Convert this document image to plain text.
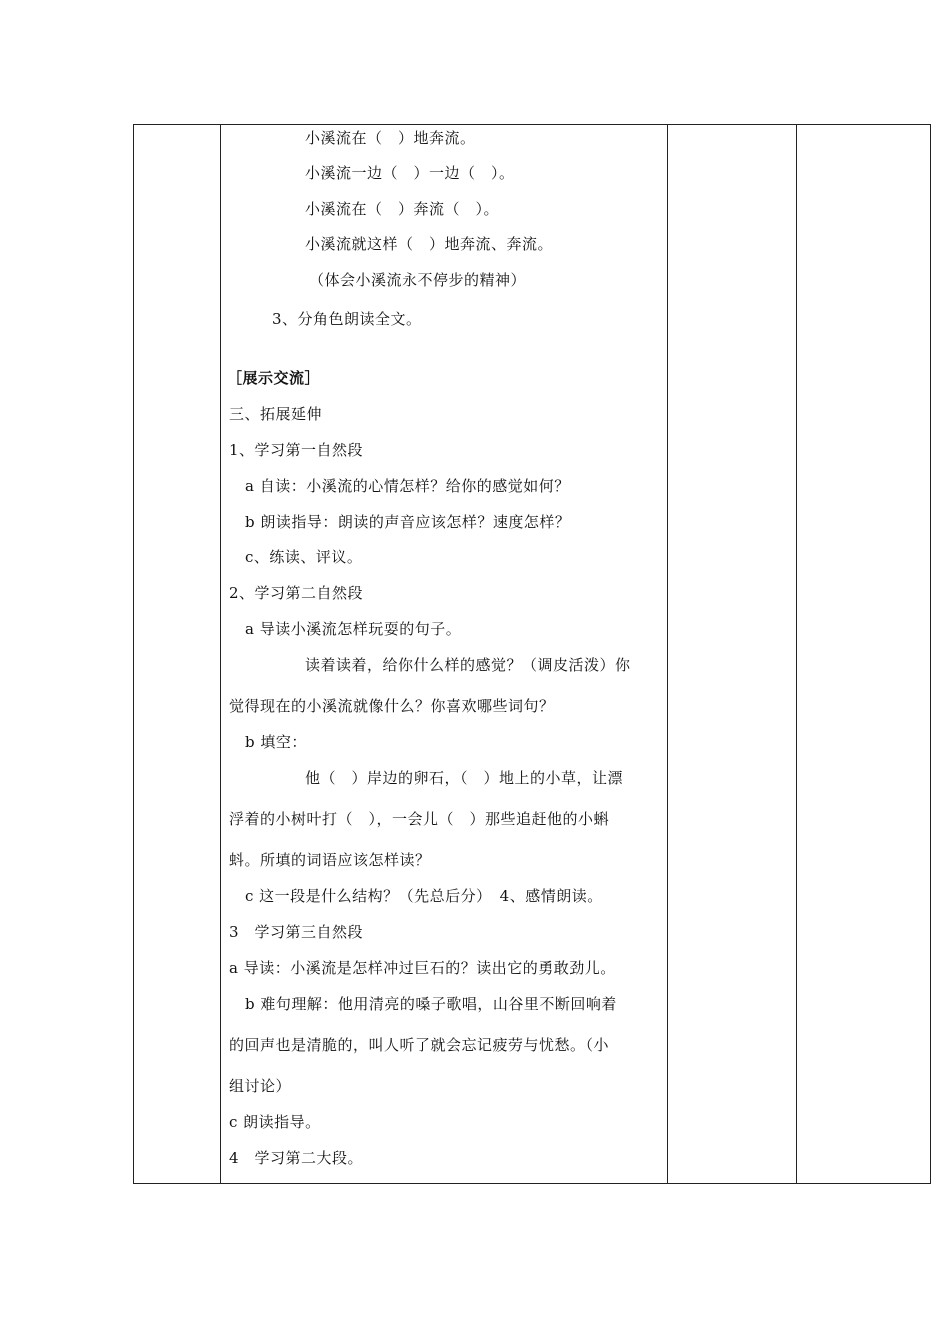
小溪流在（　）地奔流。
小溪流一边（　）一边（　）。
小溪流在（　）奔流（　）。
小溪流就这样（　）地奔流、奔流。
（体会小溪流永不停步的精神）
3、分角色朗读全文。
［展示交流］
三、拓展延伸
1、学习第一自然段
a 自读：小溪流的心情怎样？给你的感觉如何？
b 朗读指导：朗读的声音应该怎样？速度怎样？
c、练读、评议。
2、学习第二自然段
a 导读小溪流怎样玩耍的句子。
读着读着，给你什么样的感觉？（调皮活泼）你
觉得现在的小溪流就像什么？你喜欢哪些词句？
b 填空：
他（　）岸边的卵石，（　）地上的小草，让漂
浮着的小树叶打（　），一会儿（　）那些追赶他的小蝌
蚪。所填的词语应该怎样读？
c 这一段是什么结构？（先总后分）　4、感情朗读。
3　学习第三自然段
a 导读：小溪流是怎样冲过巨石的？读出它的勇敢劲儿。
b 难句理解：他用清亮的嗓子歌唱，山谷里不断回响着
的回声也是清脆的，叫人听了就会忘记疲劳与忧愁。（小
组讨论）
c 朗读指导。
4　学习第二大段。
